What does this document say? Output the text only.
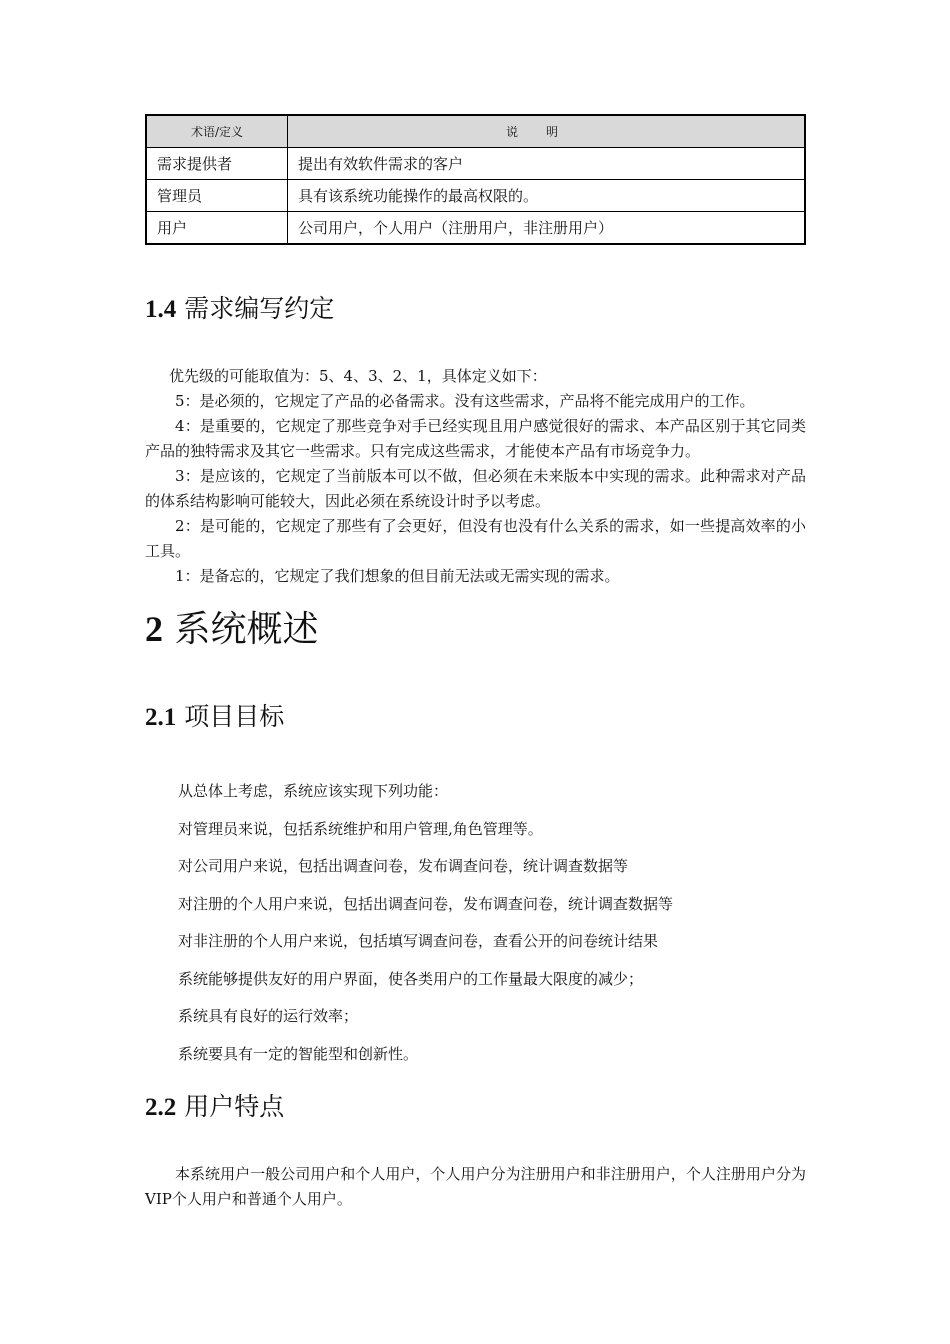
术语/定义	说明
需求提供者	提出有效软件需求的客户
管理员	具有该系统功能操作的最高权限的。
用户	公司用户，个人用户（注册用户，非注册用户）
1.4 需求编写约定

优先级的可能取值为：5、4、3、2、1，具体定义如下：

5：是必须的，它规定了产品的必备需求。没有这些需求，产品将不能完成用户的工作。

4：是重要的，它规定了那些竞争对手已经实现且用户感觉很好的需求、本产品区别于其它同类产品的独特需求及其它一些需求。只有完成这些需求，才能使本产品有市场竞争力。

3：是应该的，它规定了当前版本可以不做，但必须在未来版本中实现的需求。此种需求对产品的体系结构影响可能较大，因此必须在系统设计时予以考虑。

2：是可能的，它规定了那些有了会更好，但没有也没有什么关系的需求，如一些提高效率的小工具。

1：是备忘的，它规定了我们想象的但目前无法或无需实现的需求。

2 系统概述
2.1 项目目标
从总体上考虑，系统应该实现下列功能：
对管理员来说，包括系统维护和用户管理,角色管理等。
对公司用户来说，包括出调查问卷，发布调查问卷，统计调查数据等
对注册的个人用户来说，包括出调查问卷，发布调查问卷，统计调查数据等
对非注册的个人用户来说，包括填写调查问卷，查看公开的问卷统计结果
系统能够提供友好的用户界面，使各类用户的工作量最大限度的减少；
系统具有良好的运行效率；
系统要具有一定的智能型和创新性。
2.2 用户特点

本系统用户一般公司用户和个人用户，个人用户分为注册用户和非注册用户，个人注册用户分为VIP个人用户和普通个人用户。
